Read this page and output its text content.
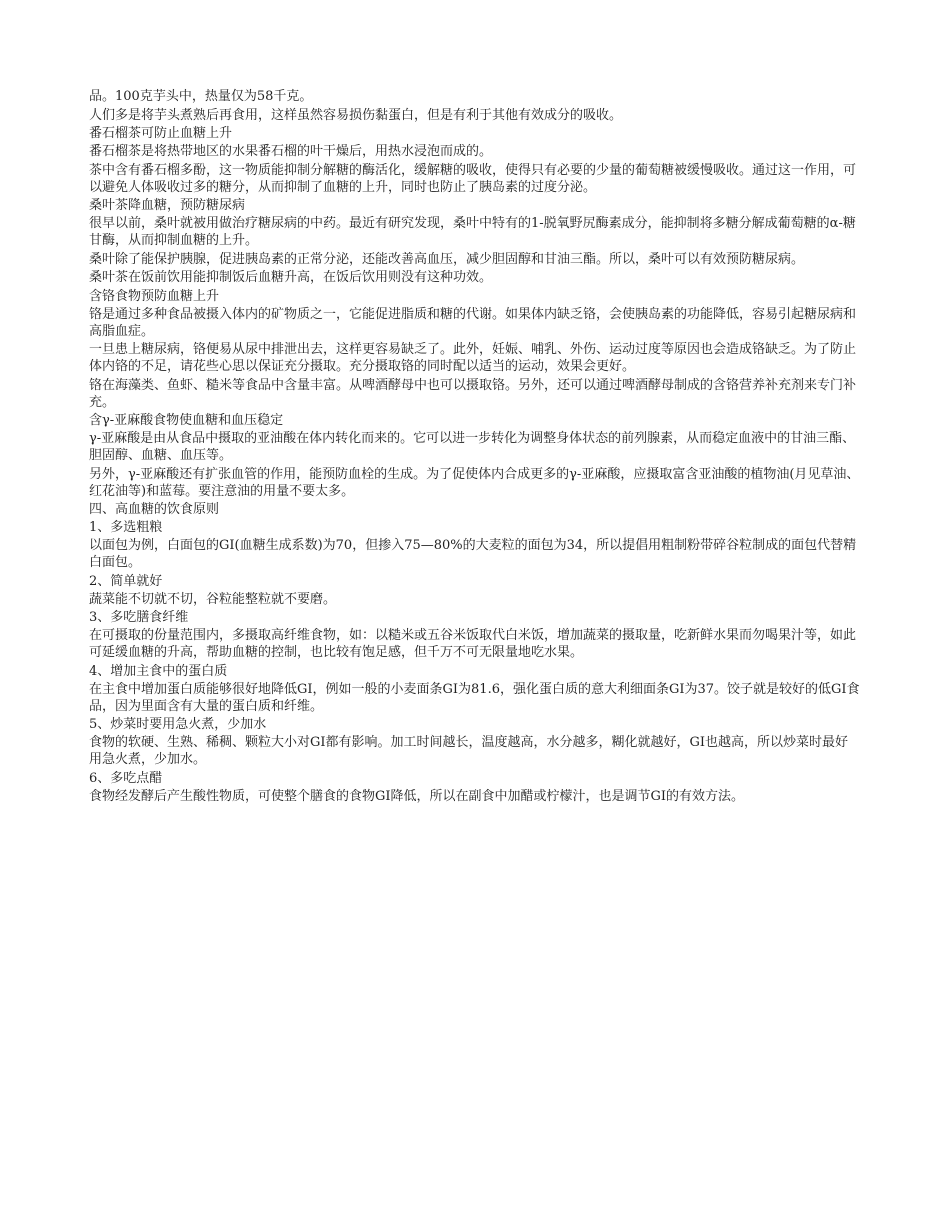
品。100克芋头中，热量仅为58千克。

人们多是将芋头煮熟后再食用，这样虽然容易损伤黏蛋白，但是有利于其他有效成分的吸收。

番石榴茶可防止血糖上升

番石榴茶是将热带地区的水果番石榴的叶干燥后，用热水浸泡而成的。

茶中含有番石榴多酚，这一物质能抑制分解糖的酶活化，缓解糖的吸收，使得只有必要的少量的葡萄糖被缓慢吸收。通过这一作用，可以避免人体吸收过多的糖分，从而抑制了血糖的上升，同时也防止了胰岛素的过度分泌。

桑叶茶降血糖，预防糖尿病

很早以前，桑叶就被用做治疗糖尿病的中药。最近有研究发现，桑叶中特有的1-脱氧野尻酶素成分，能抑制将多糖分解成葡萄糖的α-糖甘酶，从而抑制血糖的上升。

桑叶除了能保护胰腺，促进胰岛素的正常分泌，还能改善高血压，减少胆固醇和甘油三酯。所以，桑叶可以有效预防糖尿病。

桑叶茶在饭前饮用能抑制饭后血糖升高，在饭后饮用则没有这种功效。

含铬食物预防血糖上升

铬是通过多种食品被摄入体内的矿物质之一，它能促进脂质和糖的代谢。如果体内缺乏铬，会使胰岛素的功能降低，容易引起糖尿病和高脂血症。

一旦患上糖尿病，铬便易从尿中排泄出去，这样更容易缺乏了。此外，妊娠、哺乳、外伤、运动过度等原因也会造成铬缺乏。为了防止体内铬的不足，请花些心思以保证充分摄取。充分摄取铬的同时配以适当的运动，效果会更好。

铬在海藻类、鱼虾、糙米等食品中含量丰富。从啤酒酵母中也可以摄取铬。另外，还可以通过啤酒酵母制成的含铬营养补充剂来专门补充。

含γ-亚麻酸食物使血糖和血压稳定

γ-亚麻酸是由从食品中摄取的亚油酸在体内转化而来的。它可以进一步转化为调整身体状态的前列腺素，从而稳定血液中的甘油三酯、胆固醇、血糖、血压等。

另外，γ-亚麻酸还有扩张血管的作用，能预防血栓的生成。为了促使体内合成更多的γ-亚麻酸，应摄取富含亚油酸的植物油(月见草油、红花油等)和蓝莓。要注意油的用量不要太多。

四、高血糖的饮食原则

1、多选粗粮

以面包为例，白面包的GI(血糖生成系数)为70，但掺入75—80%的大麦粒的面包为34，所以提倡用粗制粉带碎谷粒制成的面包代替精白面包。

2、简单就好

蔬菜能不切就不切，谷粒能整粒就不要磨。

3、多吃膳食纤维

在可摄取的份量范围内，多摄取高纤维食物，如：以糙米或五谷米饭取代白米饭，增加蔬菜的摄取量，吃新鲜水果而勿喝果汁等，如此可延缓血糖的升高，帮助血糖的控制，也比较有饱足感，但千万不可无限量地吃水果。

4、增加主食中的蛋白质

在主食中增加蛋白质能够很好地降低GI，例如一般的小麦面条GI为81.6，强化蛋白质的意大利细面条GI为37。饺子就是较好的低GI食品，因为里面含有大量的蛋白质和纤维。

5、炒菜时要用急火煮，少加水

食物的软硬、生熟、稀稠、颗粒大小对GI都有影响。加工时间越长，温度越高，水分越多，糊化就越好，GI也越高，所以炒菜时最好用急火煮，少加水。

6、多吃点醋

食物经发酵后产生酸性物质，可使整个膳食的食物GI降低，所以在副食中加醋或柠檬汁，也是调节GI的有效方法。
